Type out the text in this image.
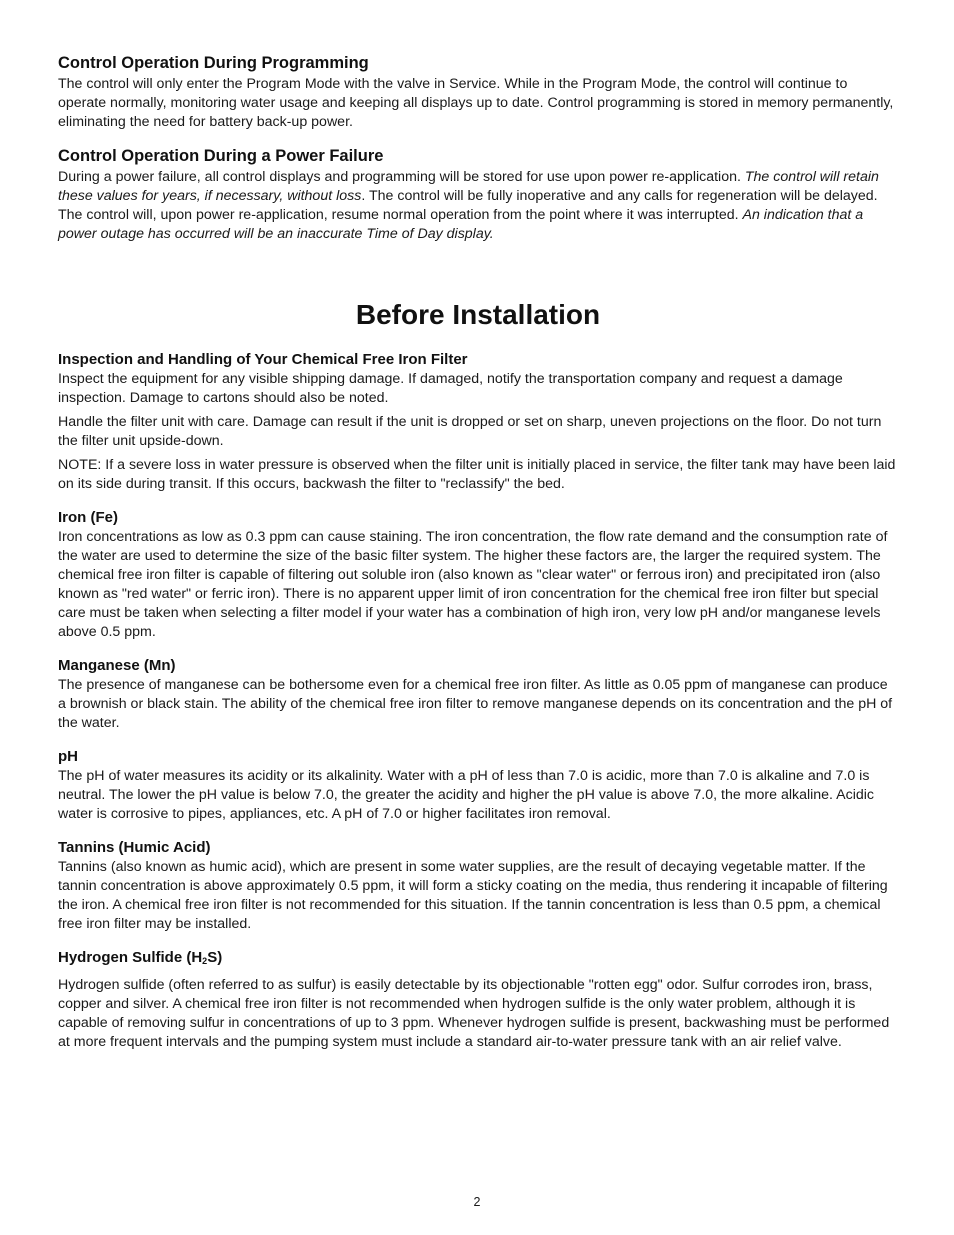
Control Operation During Programming

The control will only enter the Program Mode with the valve in Service. While in the Program Mode, the control will continue to operate normally, monitoring water usage and keeping all displays up to date. Control programming is stored in memory permanently, eliminating the need for battery back-up power.

Control Operation During a Power Failure

During a power failure, all control displays and programming will be stored for use upon power re-application. The control will retain these values for years, if necessary, without loss. The control will be fully inoperative and any calls for regeneration will be delayed. The control will, upon power re-application, resume normal operation from the point where it was interrupted. An indication that a power outage has occurred will be an inaccurate Time of Day display.

Before Installation
Inspection and Handling of Your Chemical Free Iron Filter

Inspect the equipment for any visible shipping damage. If damaged, notify the transportation company and request a damage inspection. Damage to cartons should also be noted.

Handle the filter unit with care. Damage can result if the unit is dropped or set on sharp, uneven projections on the floor. Do not turn the filter unit upside-down.

NOTE: If a severe loss in water pressure is observed when the filter unit is initially placed in service, the filter tank may have been laid on its side during transit. If this occurs, backwash the filter to "reclassify" the bed.

Iron (Fe)

Iron concentrations as low as 0.3 ppm can cause staining. The iron concentration, the flow rate demand and the consumption rate of the water are used to determine the size of the basic filter system. The higher these factors are, the larger the required system. The chemical free iron filter is capable of filtering out soluble iron (also known as "clear water" or ferrous iron) and precipitated iron (also known as "red water" or ferric iron). There is no apparent upper limit of iron concentration for the chemical free iron filter but special care must be taken when selecting a filter model if your water has a combination of high iron, very low pH and/or manganese levels above 0.5 ppm.

Manganese (Mn)

The presence of manganese can be bothersome even for a chemical free iron filter. As little as 0.05 ppm of manganese can produce a brownish or black stain. The ability of the chemical free iron filter to remove manganese depends on its concentration and the pH of the water.

pH

The pH of water measures its acidity or its alkalinity. Water with a pH of less than 7.0 is acidic, more than 7.0 is alkaline and 7.0 is neutral. The lower the pH value is below 7.0, the greater the acidity and higher the pH value is above 7.0, the more alkaline. Acidic water is corrosive to pipes, appliances, etc. A pH of 7.0 or higher facilitates iron removal.

Tannins (Humic Acid)

Tannins (also known as humic acid), which are present in some water supplies, are the result of decaying vegetable matter. If the tannin concentration is above approximately 0.5 ppm, it will form a sticky coating on the media, thus rendering it incapable of filtering the iron. A chemical free iron filter is not recommended for this situation. If the tannin concentration is less than 0.5 ppm, a chemical free iron filter may be installed.

Hydrogen Sulfide (H2S)

Hydrogen sulfide (often referred to as sulfur) is easily detectable by its objectionable "rotten egg" odor. Sulfur corrodes iron, brass, copper and silver. A chemical free iron filter is not recommended when hydrogen sulfide is the only water problem, although it is capable of removing sulfur in concentrations of up to 3 ppm. Whenever hydrogen sulfide is present, backwashing must be performed at more frequent intervals and the pumping system must include a standard air-to-water pressure tank with an air relief valve.

2
